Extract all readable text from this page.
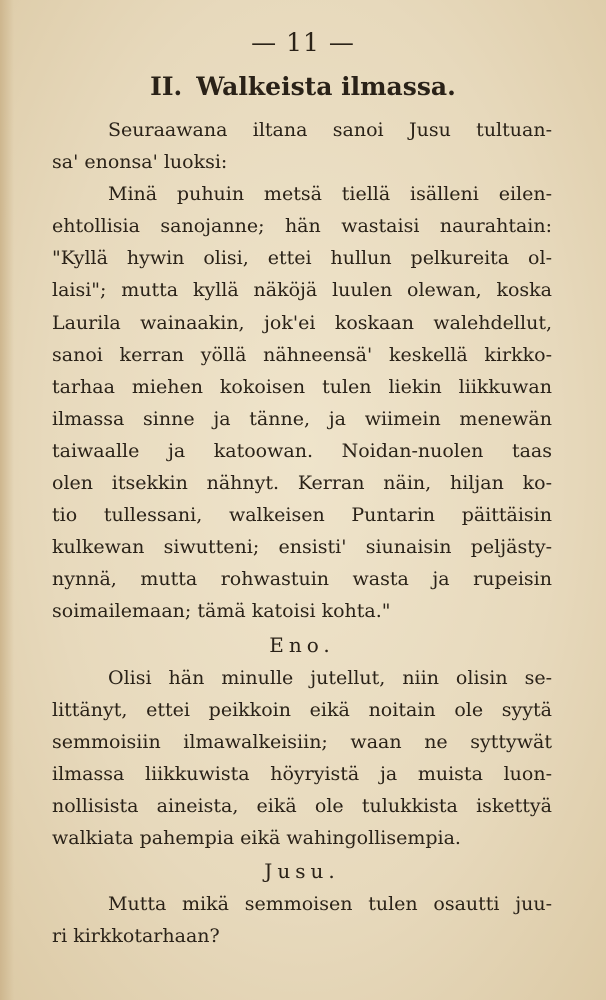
— 11 —
II. Walkeista ilmassa.
Seuraawana iltana sanoi Jusu tultuan-
sa' enonsa' luoksi:
Minä puhuin metsä tiellä isälleni eilen-
ehtollisia sanojanne; hän wastaisi naurahtain:
"Kyllä hywin olisi, ettei hullun pelkureita ol-
laisi"; mutta kyllä näköjä luulen olewan, koska
Laurila wainaakin, jok'ei koskaan walehdellut,
sanoi kerran yöllä nähneensä' keskellä kirkko-
tarhaa miehen kokoisen tulen liekin liikkuwan
ilmassa sinne ja tänne, ja wiimein menewän
taiwaalle ja katoowan. Noidan-nuolen taas
olen itsekkin nähnyt. Kerran näin, hiljan ko-
tio tullessani, walkeisen Puntarin päittäisin
kulkewan siwutteni; ensisti' siunaisin peljästy-
nynnä, mutta rohwastuin wasta ja rupeisin
soimailemaan; tämä katoisi kohta."
Eno.
Olisi hän minulle jutellut, niin olisin se-
littänyt, ettei peikkoin eikä noitain ole syytä
semmoisiin ilmawalkeisiin; waan ne syttywät
ilmassa liikkuwista höyryistä ja muista luon-
nollisista aineista, eikä ole tulukkista iskettyä
walkiata pahempia eikä wahingollisempia.
Jusu.
Mutta mikä semmoisen tulen osautti juu-
ri kirkkotarhaan?
